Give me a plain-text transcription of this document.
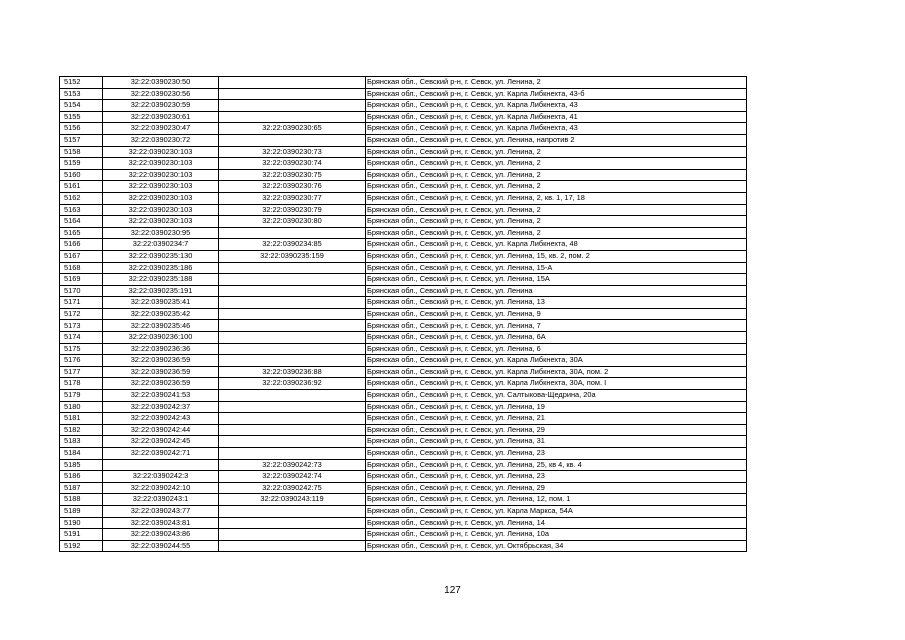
5152	32:22:0390230:50		Брянская обл., Севский р-н, г. Севск, ул. Ленина, 2
5153	32:22:0390230:56		Брянская обл., Севский р-н, г. Севск, ул. Карла Либкнехта, 43-б
5154	32:22:0390230:59		Брянская обл., Севский р-н, г. Севск, ул. Карла Либкнехта, 43
5155	32:22:0390230:61		Брянская обл., Севский р-н, г. Севск, ул. Карла Либкнехта, 41
5156	32:22:0390230:47	32:22:0390230:65	Брянская обл., Севский р-н, г. Севск, ул. Карла Либкнехта, 43
5157	32:22:0390230:72		Брянская обл., Севский р-н, г. Севск, ул. Ленина, напротив 2
5158	32:22:0390230:103	32:22:0390230:73	Брянская обл., Севский р-н, г. Севск, ул. Ленина, 2
5159	32:22:0390230:103	32:22:0390230:74	Брянская обл., Севский р-н, г. Севск, ул. Ленина, 2
5160	32:22:0390230:103	32:22:0390230:75	Брянская обл., Севский р-н, г. Севск, ул. Ленина, 2
5161	32:22:0390230:103	32:22:0390230:76	Брянская обл., Севский р-н, г. Севск, ул. Ленина, 2
5162	32:22:0390230:103	32:22:0390230:77	Брянская обл., Севский р-н, г. Севск, ул. Ленина, 2, кв. 1, 17, 18
5163	32:22:0390230:103	32:22:0390230:79	Брянская обл., Севский р-н, г. Севск, ул. Ленина, 2
5164	32:22:0390230:103	32:22:0390230:80	Брянская обл., Севский р-н, г. Севск, ул. Ленина, 2
5165	32:22:0390230:95		Брянская обл., Севский р-н, г. Севск, ул. Ленина, 2
5166	32:22:0390234:7	32:22:0390234:85	Брянская обл., Севский р-н, г. Севск, ул. Карла Либкнехта, 48
5167	32:22:0390235:130	32:22:0390235:159	Брянская обл., Севский р-н, г. Севск, ул. Ленина, 15, кв. 2, пом. 2
5168	32:22:0390235:186		Брянская обл., Севский р-н, г. Севск, ул. Ленина, 15-А
5169	32:22:0390235:188		Брянская обл., Севский р-н, г. Севск, ул. Ленина, 15А
5170	32:22:0390235:191		Брянская обл., Севский р-н, г. Севск, ул. Ленина
5171	32:22:0390235:41		Брянская обл., Севский р-н, г. Севск, ул. Ленина, 13
5172	32:22:0390235:42		Брянская обл., Севский р-н, г. Севск, ул. Ленина, 9
5173	32:22:0390235:46		Брянская обл., Севский р-н, г. Севск, ул. Ленина, 7
5174	32:22:0390236:100		Брянская обл., Севский р-н, г. Севск, ул. Ленина, 6А
5175	32:22:0390236:36		Брянская обл., Севский р-н, г. Севск, ул. Ленина, 6
5176	32:22:0390236:59		Брянская обл., Севский р-н, г. Севск, ул. Карла Либкнехта, 30А
5177	32:22:0390236:59	32:22:0390236:88	Брянская обл., Севский р-н, г. Севск, ул. Карла Либкнехта, 30А, пом. 2
5178	32:22:0390236:59	32:22:0390236:92	Брянская обл., Севский р-н, г. Севск, ул. Карла Либкнехта, 30А, пом. I
5179	32:22:0390241:53		Брянская обл., Севский р-н, г. Севск, ул. Салтыкова-Щедрина, 20а
5180	32:22:0390242:37		Брянская обл., Севский р-н, г. Севск, ул. Ленина, 19
5181	32:22:0390242:43		Брянская обл., Севский р-н, г. Севск, ул. Ленина, 21
5182	32:22:0390242:44		Брянская обл., Севский р-н, г. Севск, ул. Ленина, 29
5183	32:22:0390242:45		Брянская обл., Севский р-н, г. Севск, ул. Ленина, 31
5184	32:22:0390242:71		Брянская обл., Севский р-н, г. Севск, ул. Ленина, 23
5185		32:22:0390242:73	Брянская обл., Севский р-н, г. Севск, ул. Ленина, 25, кв 4, кв. 4
5186	32:22:0390242:3	32:22:0390242:74	Брянская обл., Севский р-н, г. Севск, ул. Ленина, 23
5187	32:22:0390242:10	32:22:0390242:75	Брянская обл., Севский р-н, г. Севск, ул. Ленина, 29
5188	32:22:0390243:1	32:22:0390243:119	Брянская обл., Севский р-н, г. Севск, ул. Ленина, 12, пом. 1
5189	32:22:0390243:77		Брянская обл., Севский р-н, г. Севск, ул. Карла Маркса, 54А
5190	32:22:0390243:81		Брянская обл., Севский р-н, г. Севск, ул. Ленина, 14
5191	32:22:0390243:86		Брянская обл., Севский р-н, г. Севск, ул. Ленина, 10а
5192	32:22:0390244:55		Брянская обл., Севский р-н, г. Севск, ул. Октябрьская, 34
127
